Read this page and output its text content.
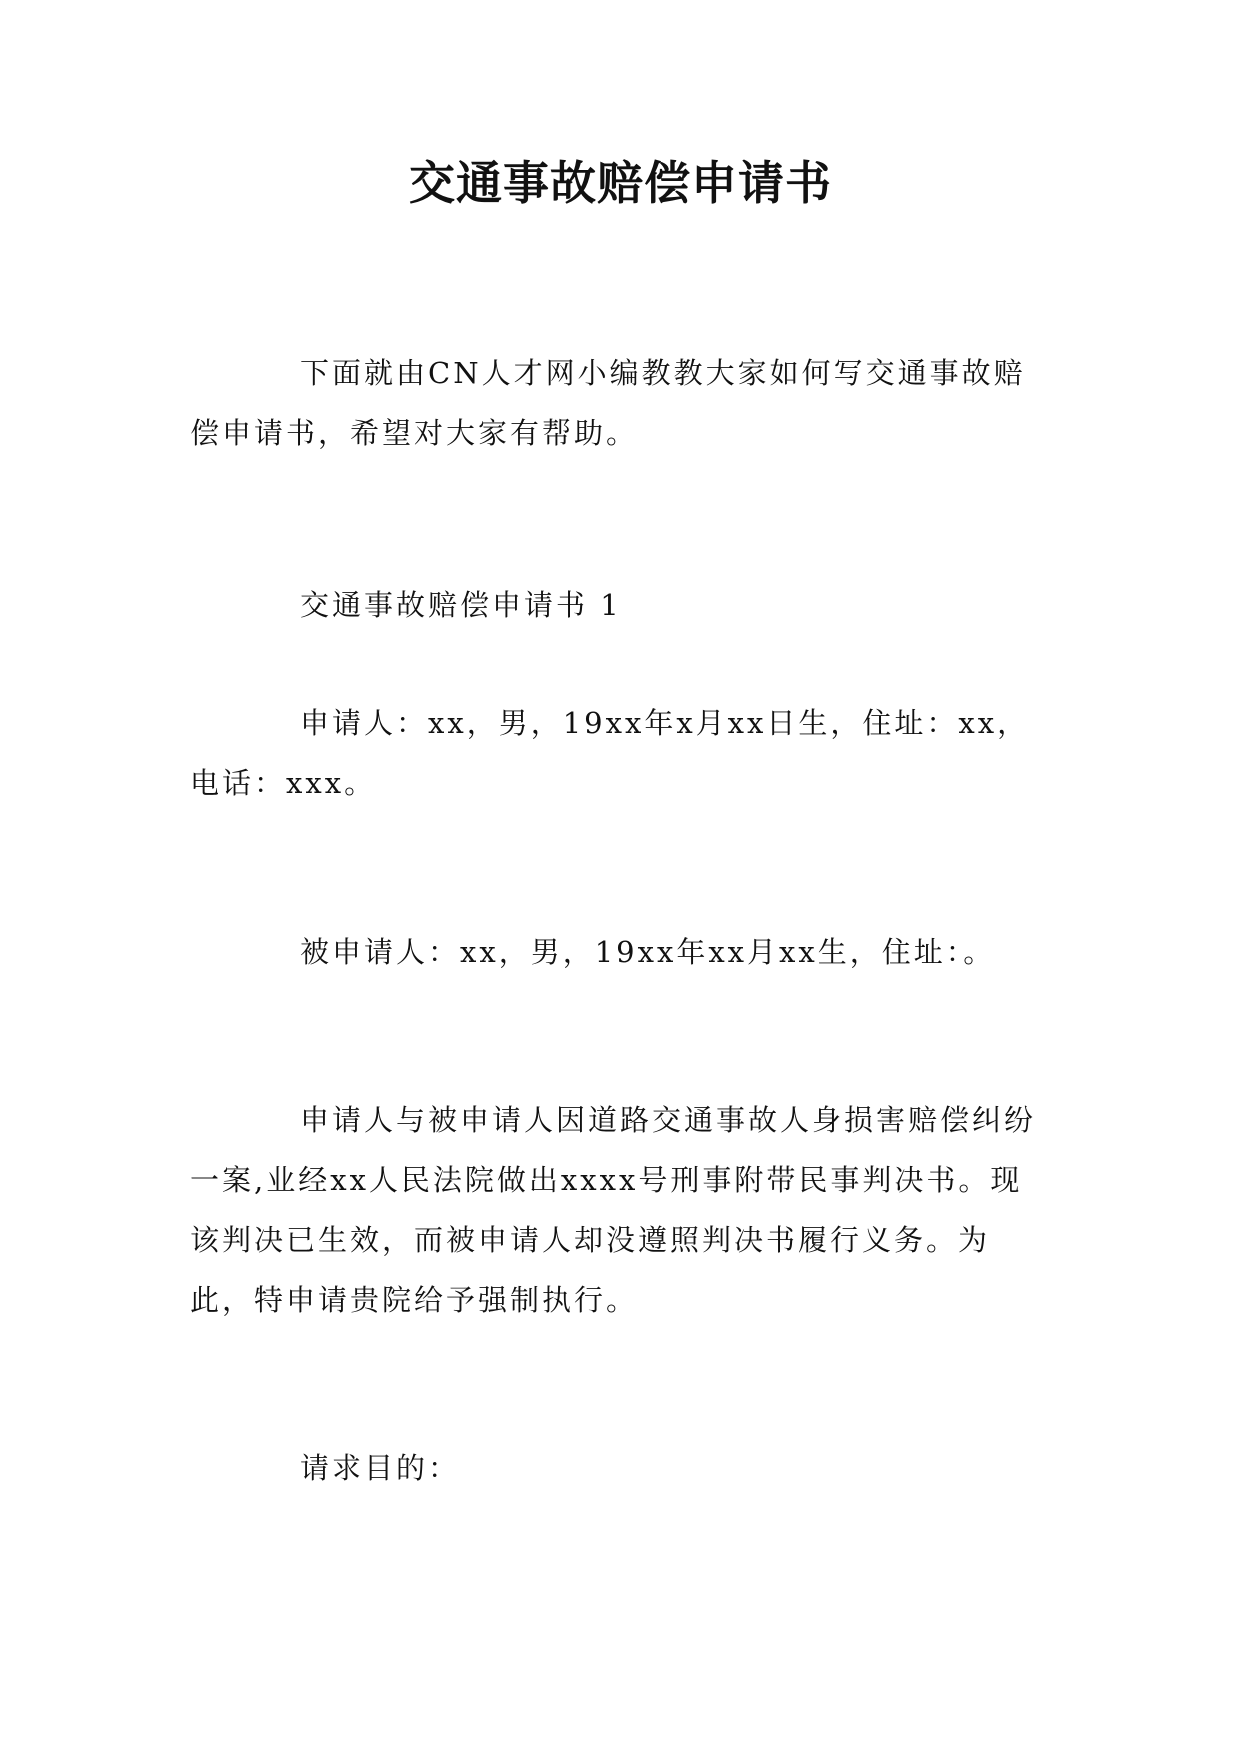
交通事故赔偿申请书

下面就由CN人才网小编教教大家如何写交通事故赔偿申请书，希望对大家有帮助。

交通事故赔偿申请书 1

申请人：xx，男，19xx年x月xx日生，住址：xx，电话：xxx。

被申请人：xx，男，19xx年xx月xx生，住址：。

申请人与被申请人因道路交通事故人身损害赔偿纠纷一案,业经xx人民法院做出xxxx号刑事附带民事判决书。现该判决已生效，而被申请人却没遵照判决书履行义务。为此，特申请贵院给予强制执行。

请求目的：
